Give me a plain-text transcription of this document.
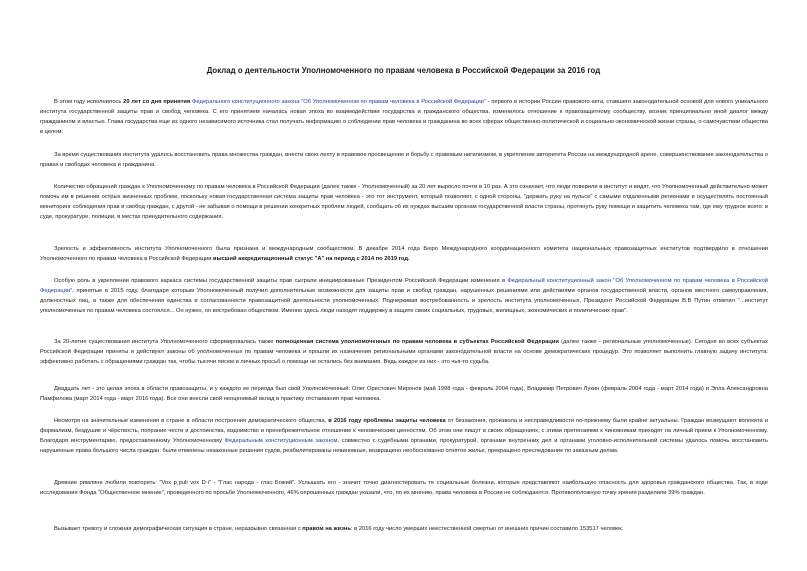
Доклад о деятельности Уполномоченного по правам человека в Российской Федерации за 2016 год

В этом году исполнилось 20 лет со дня принятия Федерального конституционного закона "Об Уполномоченном по правам человека в Российской Федерации" - первого в истории России правового акта, ставшего законодательной основой для нового уникального института государственной защиты прав и свобод человека. С его принятием началась новая эпоха во взаимодействии государства и гражданского общества, изменилось отношение к правозащитному сообществу, возник принципиально иной диалог между гражданином и властью. Глава государства еще из одного независимого источника стал получать информацию о соблюдении прав человека и гражданина во всех сферах общественно-политической и социально-экономической жизни страны, о самочувствии общества в целом.

За время существования института удалось восстановить права множества граждан, внести свою лепту в правовое просвещение и борьбу с правовым нигилизмом, в укрепление авторитета России на международной арене, совершенствование законодательства о правах и свободах человека и гражданина.

Количество обращений граждан к Уполномоченному по правам человека в Российской Федерации (далее также - Уполномоченный) за 20 лет выросло почти в 10 раз. А это означает, что люди поверили в институт и видят, что Уполномоченный действительно может помочь им в решении острых жизненных проблем, поскольку новая государственная система защиты прав человека - это тот инструмент, который позволяет, с одной стороны, "держать руку на пульсе" с самыми отдаленными регионами и осуществлять постоянный мониторинг соблюдения прав и свобод граждан, с другой - не забывая о помощи в решении конкретных проблем людей, сообщать об их нуждах высшим органам государственной власти страны, протянуть руку помощи и защитить человека там, где ему трудное всего: в суде, прокуратуре, полиции, в местах принудительного содержания.

Зрелость и эффективность института Уполномоченного была признана и международным сообществом. В декабре 2014 года Бюро Международного координационного комитета национальных правозащитных институтов подтвердило в отношении Уполномоченного по правам человека в Российской Федерации высший аккредитационный статус "А" на период с 2014 по 2019 год.

Особую роль в укреплении правового каркаса системы государственной защиты прав сыграли инициированные Президентом Российской Федерации изменения в Федеральный конституционный закон "Об Уполномоченном по правам человека в Российской Федерации", принятые в 2015 году, благодаря которым Уполномоченный получил дополнительные возможности для защиты прав и свобод граждан, нарушенных решениями или действиями органов государственной власти, органов местного самоуправления, должностных лиц, а также для обеспечения единства и согласованности правозащитной деятельности уполномоченных. Подчеркивая востребованность и зрелость института уполномоченных, Президент Российской Федерации В.В Путин отметил "...институт уполномоченных по правам человека состоялся... Он нужен, он востребован обществом. Именно здесь люди находят поддержку в защите своих социальных, трудовых, жилищных, экономических и политических прав".

За 20-летие существования института Уполномоченного сформировалась также полноценная система уполномоченных по правам человека в субъектах Российской Федерации (далее также - региональные уполномоченные). Сегодня во всех субъектах Российской Федерации приняты и действуют законы об уполномоченных по правам человека и прошли их назначения региональными органами законодательной власти на основе демократических процедур. Это позволяет выполнить главную задачу института: эффективно работать с обращениями граждан так, чтобы тысячи писем и личных просьб о помощи не остались без внимания. Ведь каждое из них - это чья-то судьба.

Двадцать лет - это целая эпоха в области правозащиты, и у каждого ее периода был свой Уполномоченный: Олег Орестович Миронов (май 1998 года - февраль 2004 года), Владимир Петрович Лукин (февраль 2004 года - март 2014 года) и Элла Александровна Памфилова (март 2014 года - март 2016 года). Все они внесли свой неоценимый вклад в практику отстаивания прав человека.

Несмотря на значительные изменения в стране в области построения демократического общества, в 2016 году проблемы защиты человека от беззакония, произвола и несправедливости по-прежнему были крайне актуальны. Граждан возмущают волокита и формализм, бездушие и чёрствость, попрание чести и достоинства, мздоимство и пренебрежительное отношение к человеческим ценностям. Об этом они пишут в своих обращениях, с этими претензиями к чиновникам приходят на личный прием к Уполномоченному. Благодаря инструментарию, предоставленному Уполномоченному Федеральным конституционным законом, совместно с судебными органами, прокуратурой, органами внутренних дел и органами уголовно-исполнительной системы удалось помочь восстановить нарушенные права большого числа граждан: были отменены незаконные решения судов, реабилитированы невиновные, возвращено необоснованно отнятое жилье, прекращено преследование по заказным делам.

Древние римляне любили повторять: "Vox p¸puli vox D·i" - "Глас народа - глас Божий". Услышать его - значит точно диагностировать те социальные болезни, которые представляют наибольшую опасность для здоровья гражданского общества. Так, в ходе исследования Фонда "Общественное мнение", проведенного по просьбе Уполномоченного, 46% опрошенных граждан указали, что, по их мнению, права человека в России не соблюдаются. Противоположную точку зрения разделили 39% граждан.

Вызывает тревогу и сложная демографическая ситуация в стране, неразрывно связанная с правом на жизнь: в 2016 году число умерших неестественной смертью от внешних причин составило 153517 человек.
